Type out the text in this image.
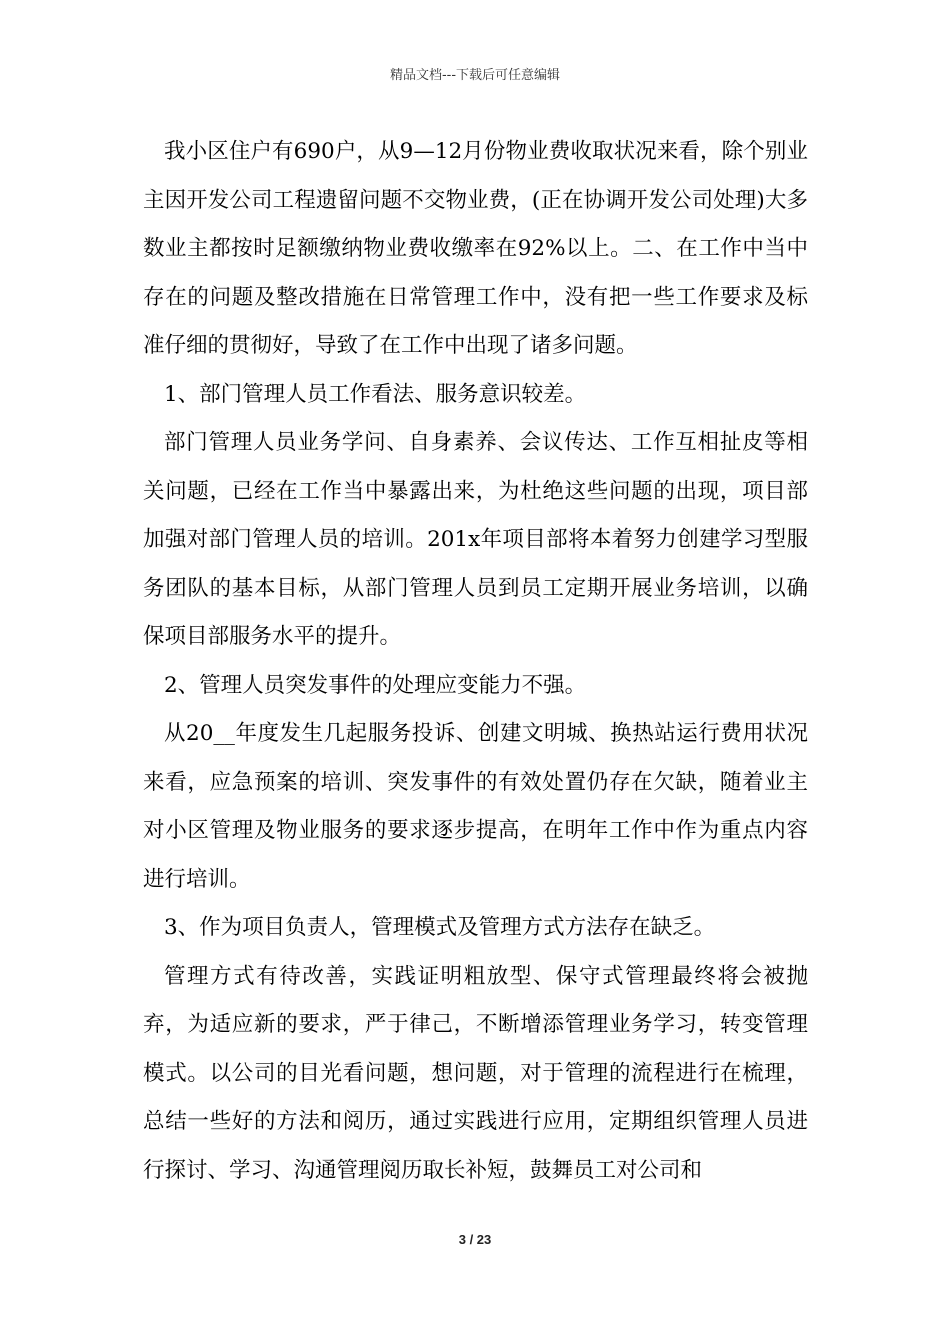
精品文档---下载后可任意编辑

我小区住户有690户，从9—12月份物业费收取状况来看，除个别业主因开发公司工程遗留问题不交物业费，(正在协调开发公司处理)大多数业主都按时足额缴纳物业费收缴率在92%以上。二、在工作中当中存在的问题及整改措施在日常管理工作中，没有把一些工作要求及标准仔细的贯彻好，导致了在工作中出现了诸多问题。

1、部门管理人员工作看法、服务意识较差。

部门管理人员业务学问、自身素养、会议传达、工作互相扯皮等相关问题，已经在工作当中暴露出来，为杜绝这些问题的出现，项目部加强对部门管理人员的培训。201x年项目部将本着努力创建学习型服务团队的基本目标，从部门管理人员到员工定期开展业务培训，以确保项目部服务水平的提升。

2、管理人员突发事件的处理应变能力不强。

从20__年度发生几起服务投诉、创建文明城、换热站运行费用状况来看，应急预案的培训、突发事件的有效处置仍存在欠缺，随着业主对小区管理及物业服务的要求逐步提高，在明年工作中作为重点内容进行培训。

3、作为项目负责人，管理模式及管理方式方法存在缺乏。

管理方式有待改善，实践证明粗放型、保守式管理最终将会被抛弃，为适应新的要求，严于律己，不断增添管理业务学习，转变管理模式。以公司的目光看问题，想问题，对于管理的流程进行在梳理，总结一些好的方法和阅历，通过实践进行应用，定期组织管理人员进行探讨、学习、沟通管理阅历取长补短，鼓舞员工对公司和

3 / 23
